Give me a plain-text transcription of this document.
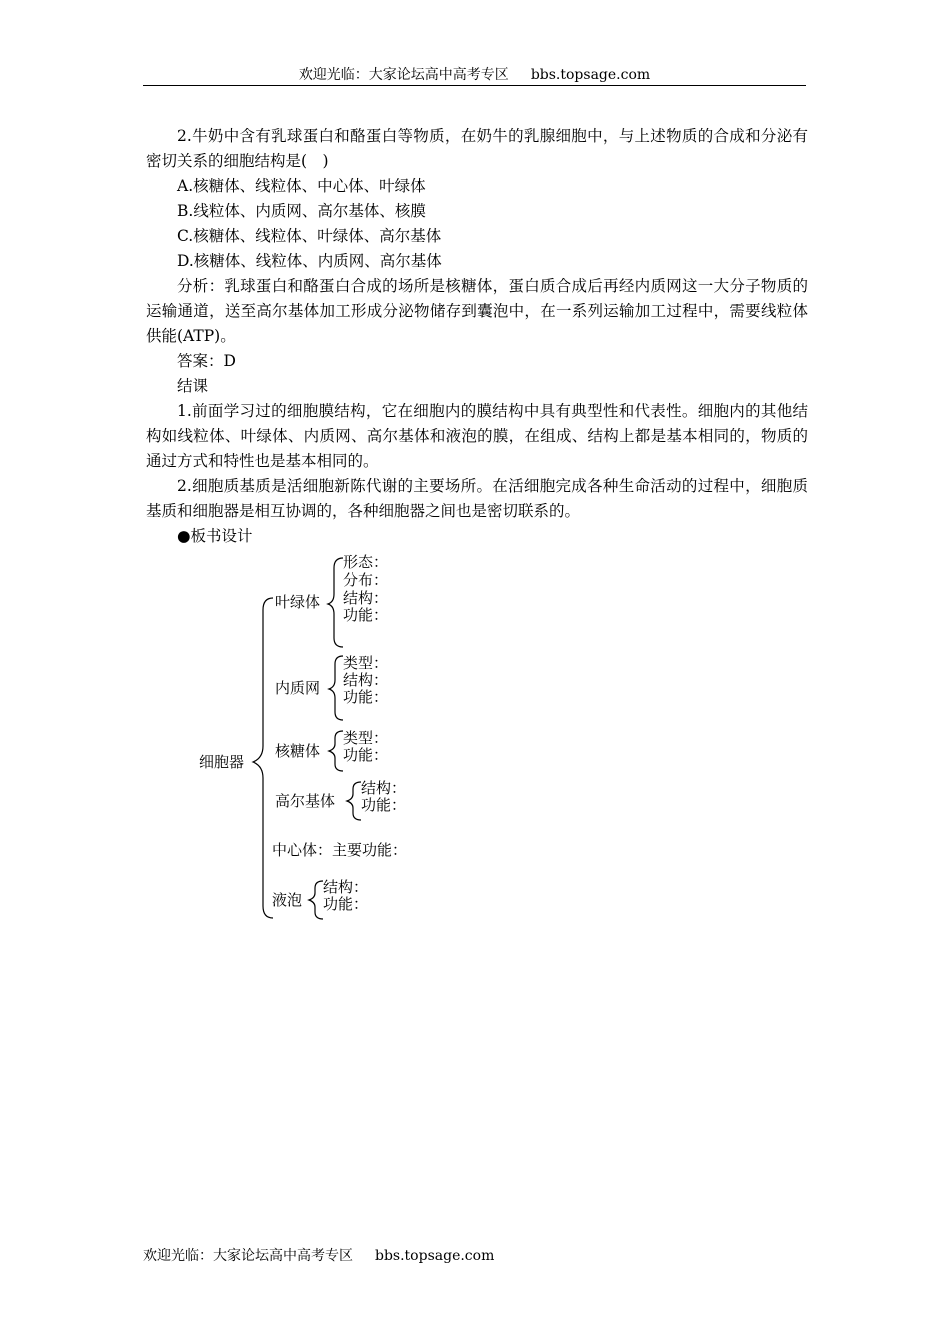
欢迎光临：大家论坛高中高考专区 bbs.topsage.com

2.牛奶中含有乳球蛋白和酪蛋白等物质，在奶牛的乳腺细胞中，与上述物质的合成和分泌有密切关系的细胞结构是(　)

A.核糖体、线粒体、中心体、叶绿体

B.线粒体、内质网、高尔基体、核膜

C.核糖体、线粒体、叶绿体、高尔基体

D.核糖体、线粒体、内质网、高尔基体

分析：乳球蛋白和酪蛋白合成的场所是核糖体，蛋白质合成后再经内质网这一大分子物质的运输通道，送至高尔基体加工形成分泌物储存到囊泡中，在一系列运输加工过程中，需要线粒体供能(ATP)。

答案：D

结课

1.前面学习过的细胞膜结构，它在细胞内的膜结构中具有典型性和代表性。细胞内的其他结构如线粒体、叶绿体、内质网、高尔基体和液泡的膜，在组成、结构上都是基本相同的，物质的通过方式和特性也是基本相同的。

2.细胞质基质是活细胞新陈代谢的主要场所。在活细胞完成各种生命活动的过程中，细胞质基质和细胞器是相互协调的，各种细胞器之间也是密切联系的。

●板书设计

细胞器
叶绿体
形态：
分布：
结构：
功能：
内质网
类型：
结构：
功能：
核糖体
类型：
功能：
高尔基体
结构：
功能：
中心体：主要功能：
液泡
结构：
功能：
欢迎光临：大家论坛高中高考专区 bbs.topsage.com
